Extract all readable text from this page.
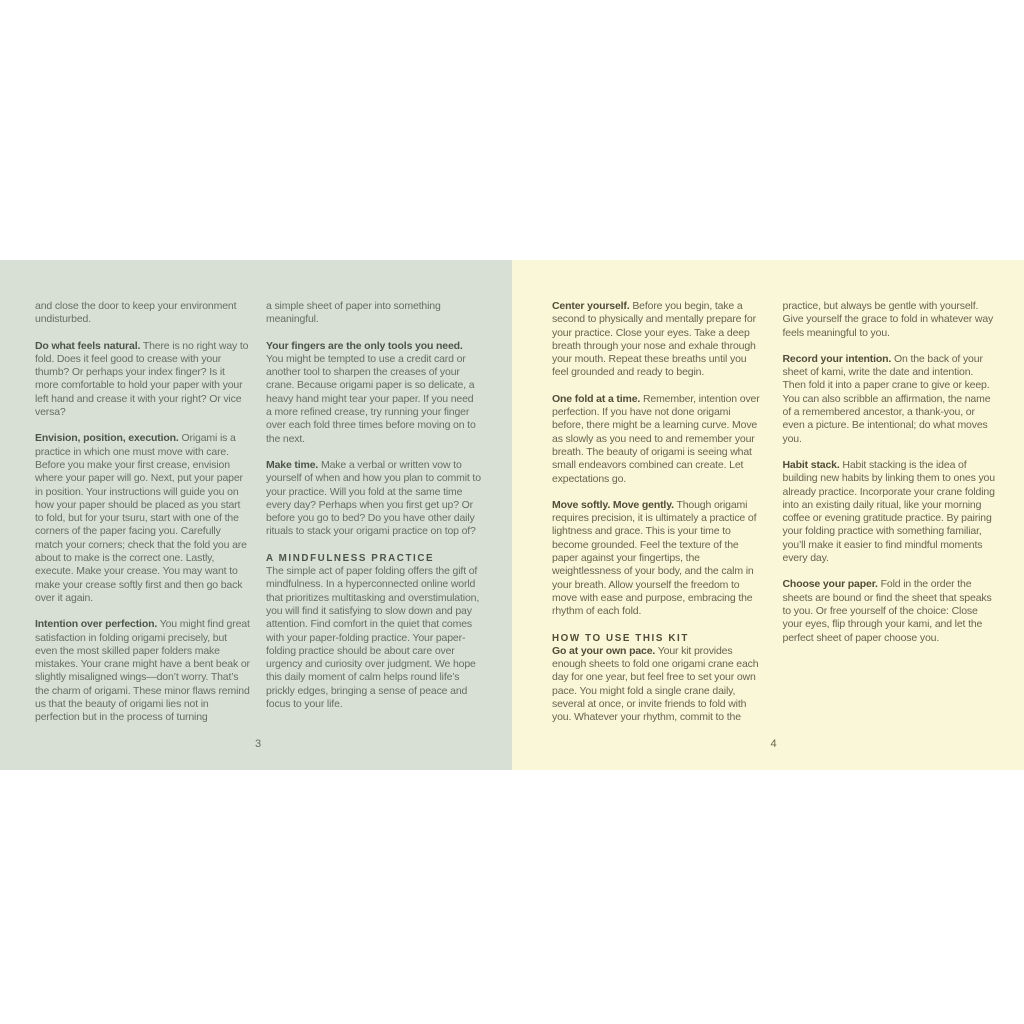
and close the door to keep your environment undisturbed.

Do what feels natural. There is no right way to fold. Does it feel good to crease with your thumb? Or perhaps your index finger? Is it more comfortable to hold your paper with your left hand and crease it with your right? Or vice versa?

Envision, position, execution. Origami is a practice in which one must move with care. Before you make your first crease, envision where your paper will go. Next, put your paper in position. Your instructions will guide you on how your paper should be placed as you start to fold, but for your tsuru, start with one of the corners of the paper facing you. Carefully match your corners; check that the fold you are about to make is the correct one. Lastly, execute. Make your crease. You may want to make your crease softly first and then go back over it again.

Intention over perfection. You might find great satisfaction in folding origami precisely, but even the most skilled paper folders make mistakes. Your crane might have a bent beak or slightly misaligned wings—don’t worry. That’s the charm of origami. These minor flaws remind us that the beauty of origami lies not in perfection but in the process of turning

a simple sheet of paper into something meaningful.

Your fingers are the only tools you need. You might be tempted to use a credit card or another tool to sharpen the creases of your crane. Because origami paper is so delicate, a heavy hand might tear your paper. If you need a more refined crease, try running your finger over each fold three times before moving on to the next.

Make time. Make a verbal or written vow to yourself of when and how you plan to commit to your practice. Will you fold at the same time every day? Perhaps when you first get up? Or before you go to bed? Do you have other daily rituals to stack your origami practice on top of?

A MINDFULNESS PRACTICE

The simple act of paper folding offers the gift of mindfulness. In a hyperconnected online world that prioritizes multitasking and overstimulation, you will find it satisfying to slow down and pay attention. Find comfort in the quiet that comes with your paper-folding practice. Your paper-folding practice should be about care over urgency and curiosity over judgment. We hope this daily moment of calm helps round life’s prickly edges, bringing a sense of peace and focus to your life.

3

Center yourself. Before you begin, take a second to physically and mentally prepare for your practice. Close your eyes. Take a deep breath through your nose and exhale through your mouth. Repeat these breaths until you feel grounded and ready to begin.

One fold at a time. Remember, intention over perfection. If you have not done origami before, there might be a learning curve. Move as slowly as you need to and remember your breath. The beauty of origami is seeing what small endeavors combined can create. Let expectations go.

Move softly. Move gently. Though origami requires precision, it is ultimately a practice of lightness and grace. This is your time to become grounded. Feel the texture of the paper against your fingertips, the weightlessness of your body, and the calm in your breath. Allow yourself the freedom to move with ease and purpose, embracing the rhythm of each fold.

HOW TO USE THIS KIT

Go at your own pace. Your kit provides enough sheets to fold one origami crane each day for one year, but feel free to set your own pace. You might fold a single crane daily, several at once, or invite friends to fold with you. Whatever your rhythm, commit to the

practice, but always be gentle with yourself. Give yourself the grace to fold in whatever way feels meaningful to you.

Record your intention. On the back of your sheet of kami, write the date and intention. Then fold it into a paper crane to give or keep. You can also scribble an affirmation, the name of a remembered ancestor, a thank-you, or even a picture. Be intentional; do what moves you.

Habit stack. Habit stacking is the idea of building new habits by linking them to ones you already practice. Incorporate your crane folding into an existing daily ritual, like your morning coffee or evening gratitude practice. By pairing your folding practice with something familiar, you’ll make it easier to find mindful moments every day.

Choose your paper. Fold in the order the sheets are bound or find the sheet that speaks to you. Or free yourself of the choice: Close your eyes, flip through your kami, and let the perfect sheet of paper choose you.

4
